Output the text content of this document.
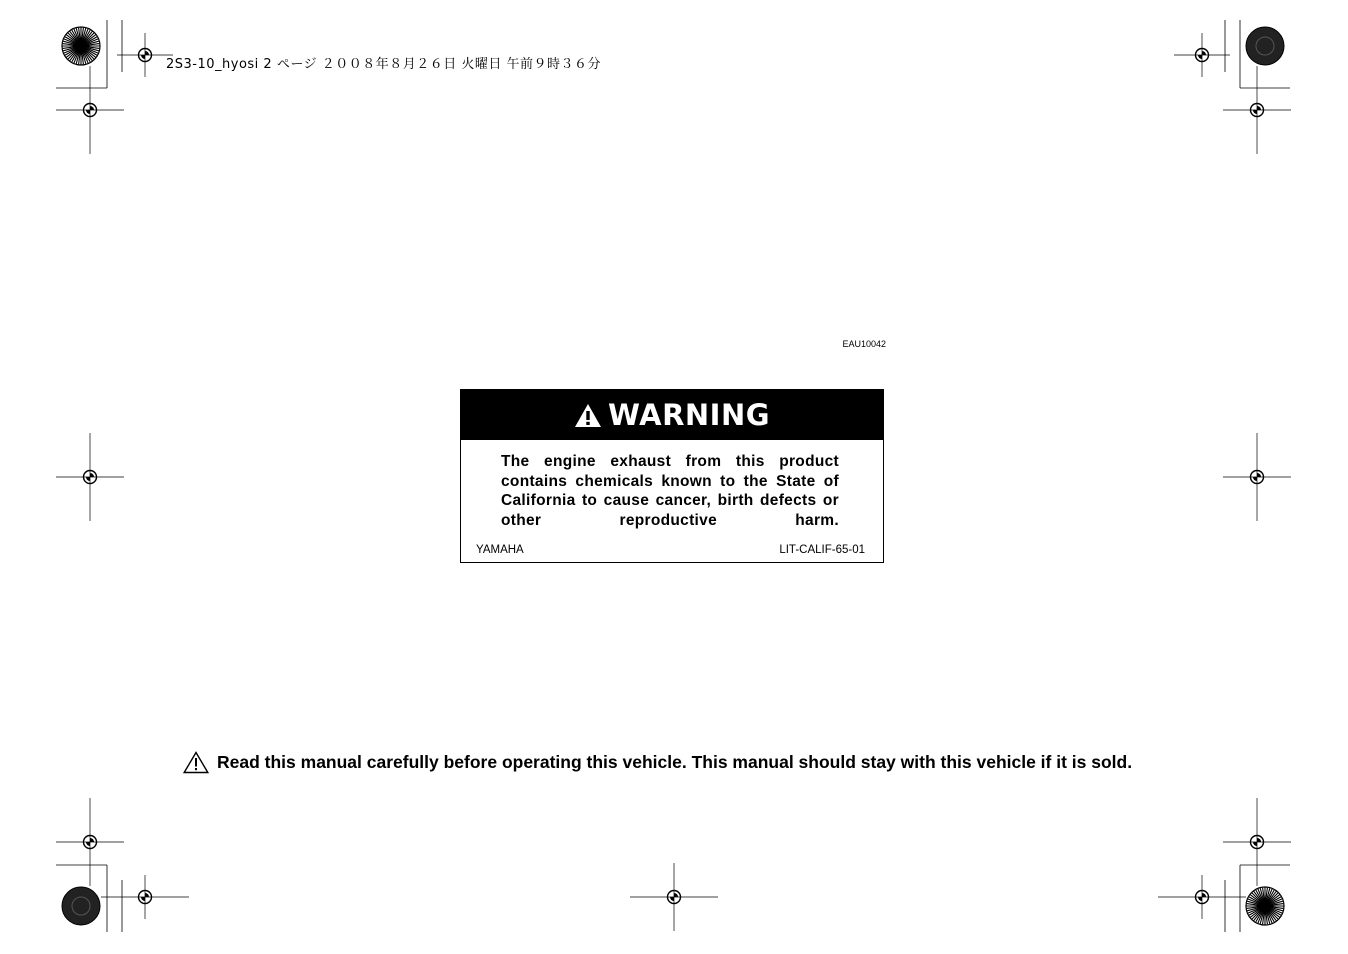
2S3-10_hyosi 2 ページ ２００８年８月２６日 火曜日 午前９時３６分
EAU10042
WARNING
The engine exhaust from this product contains chemicals known to the State of California to cause cancer, birth defects or other reproductive harm.
YAMAHA	LIT-CALIF-65-01
Read this manual carefully before operating this vehicle. This manual should stay with this vehicle if it is sold.
